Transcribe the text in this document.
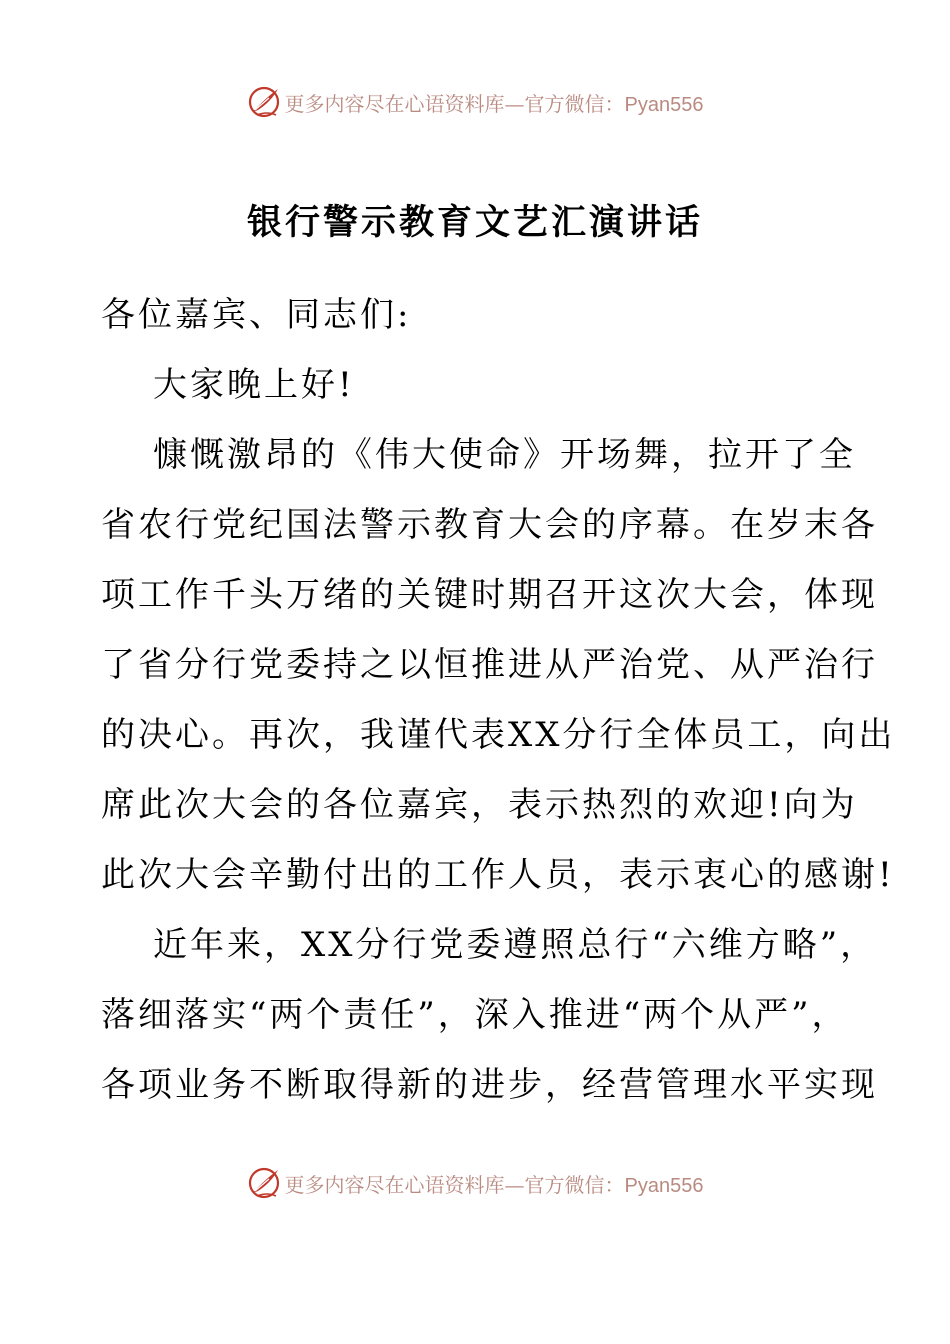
更多内容尽在心语资料库—官方微信：Pyan556
银行警示教育文艺汇演讲话
各位嘉宾、同志们:
大家晚上好!
慷慨激昂的《伟大使命》开场舞，拉开了全
省农行党纪国法警示教育大会的序幕。在岁末各
项工作千头万绪的关键时期召开这次大会，体现
了省分行党委持之以恒推进从严治党、从严治行
的决心。再次，我谨代表XX分行全体员工，向出
席此次大会的各位嘉宾，表示热烈的欢迎!向为
此次大会辛勤付出的工作人员，表示衷心的感谢!
近年来，XX分行党委遵照总行“六维方略”，
落细落实“两个责任”，深入推进“两个从严”，
各项业务不断取得新的进步，经营管理水平实现
更多内容尽在心语资料库—官方微信：Pyan556
